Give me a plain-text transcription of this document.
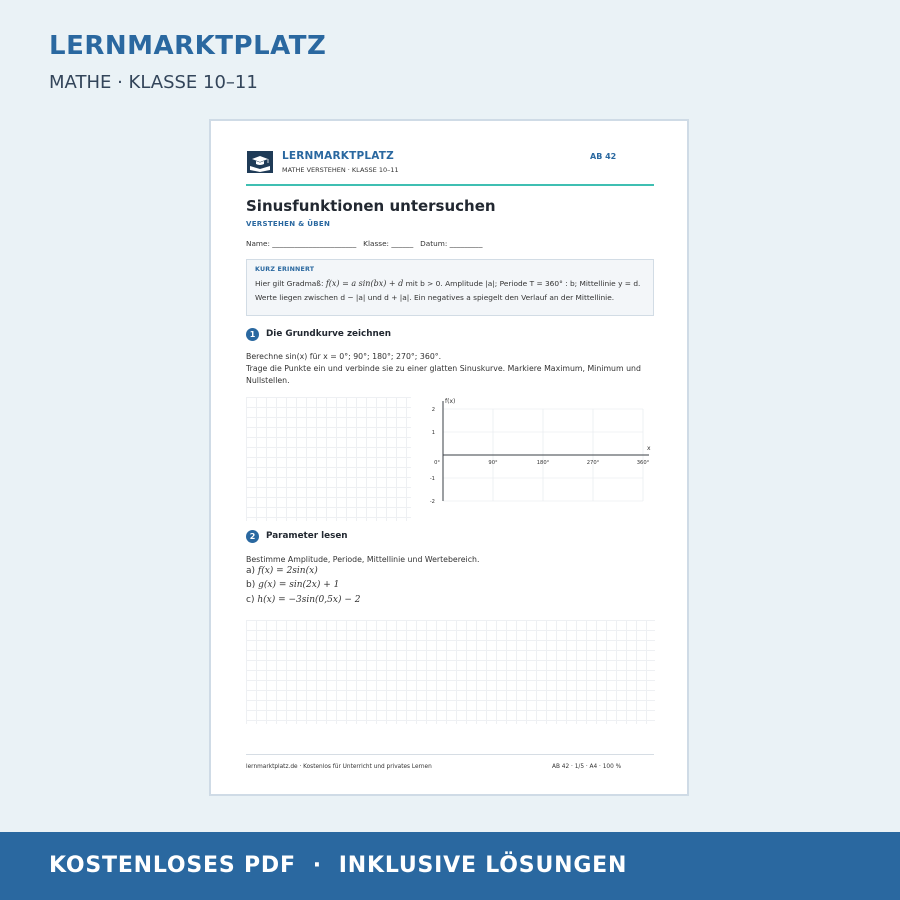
LERNMARKTPLATZ
MATHE · KLASSE 10–11
LERNMARKTPLATZ
MATHE VERSTEHEN · KLASSE 10–11
AB 42
Sinusfunktionen untersuchen
VERSTEHEN & ÜBEN
Name: _______________________   Klasse: ______   Datum: _________
KURZ ERINNERT
Hier gilt Gradmaß: f(x) = a sin(bx) + d mit b > 0. Amplitude |a|; Periode T = 360° : b; Mittellinie y = d.
Werte liegen zwischen d − |a| und d + |a|. Ein negatives a spiegelt den Verlauf an der Mittellinie.
1	Die Grundkurve zeichnen
Berechne sin(x) für x = 0°; 90°; 180°; 270°; 360°.
Trage die Punkte ein und verbinde sie zu einer glatten Sinuskurve. Markiere Maximum, Minimum und Nullstellen.
x
f(x)
0°	90°	180°	270°	360°
2
1
-1
-2
2	Parameter lesen
Bestimme Amplitude, Periode, Mittellinie und Wertebereich.
a) f(x) = 2sin(x)
b) g(x) = sin(2x) + 1
c) h(x) = −3sin(0,5x) − 2
lernmarktplatz.de · Kostenlos für Unterricht und privates Lernen	AB 42 · 1/5 · A4 · 100 %
KOSTENLOSES PDF  ·  INKLUSIVE LÖSUNGEN
